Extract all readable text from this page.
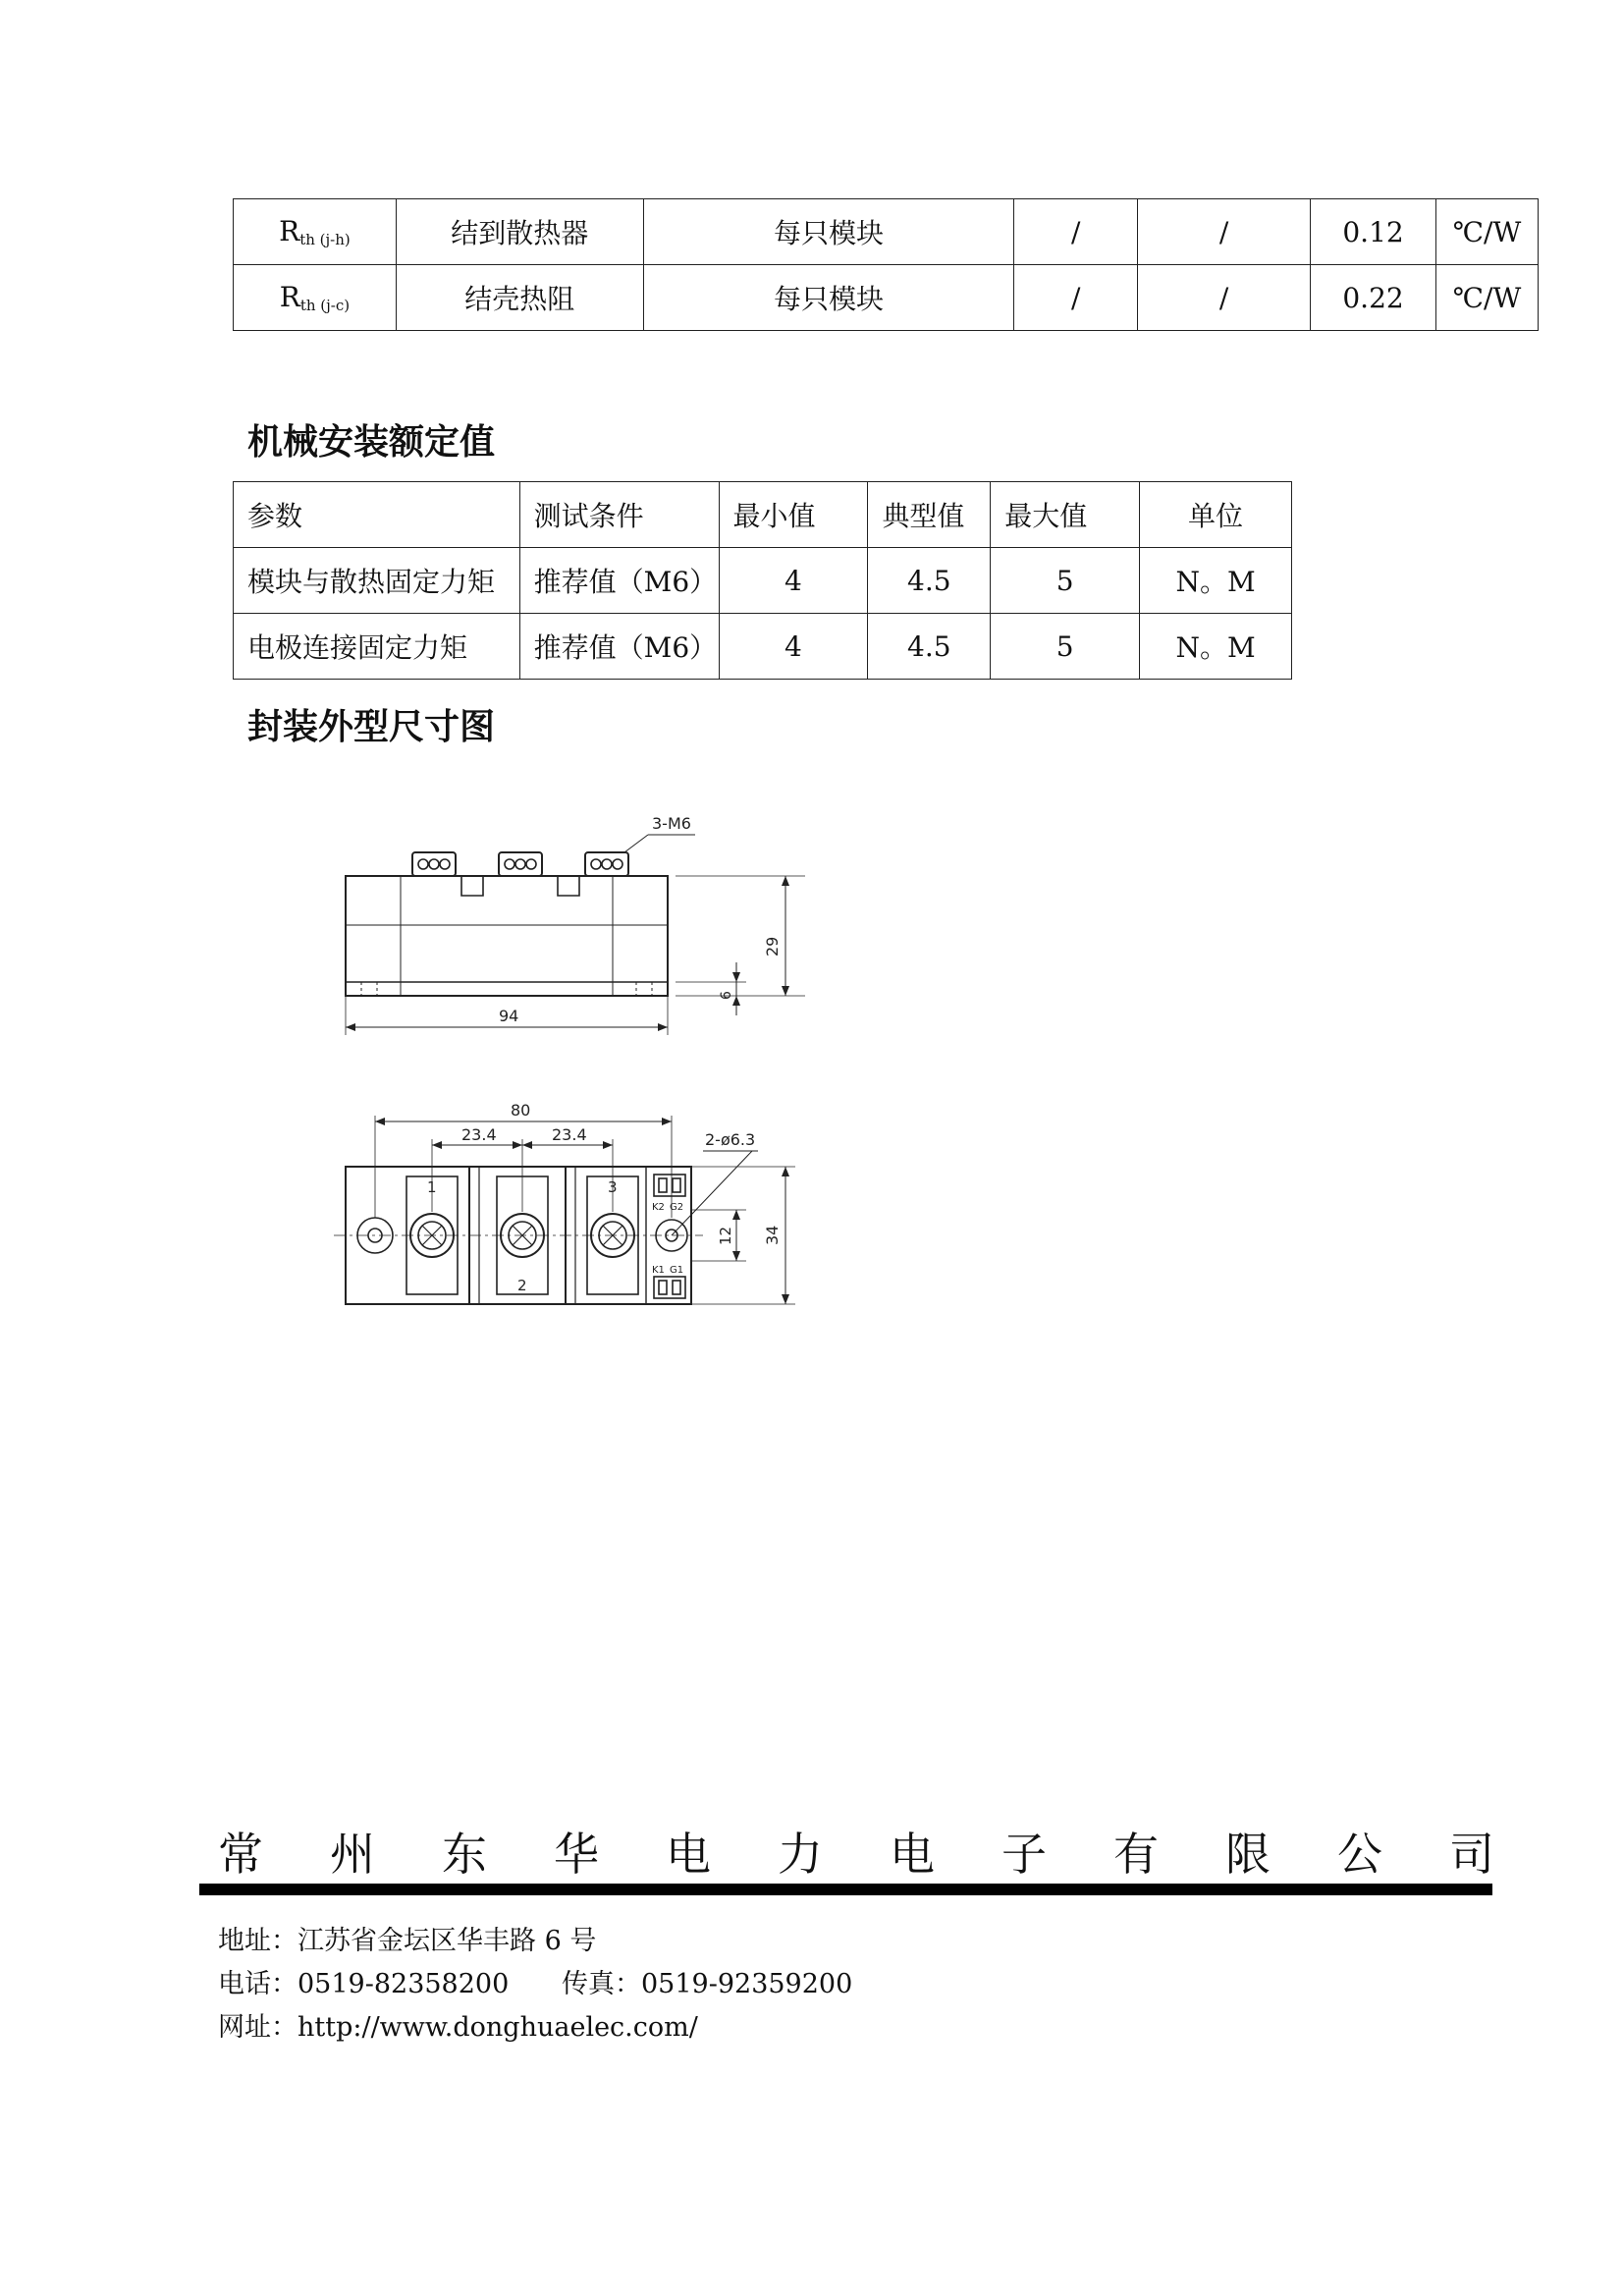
Rth (j-h)	结到散热器	每只模块	/	/	0.12	℃/W
Rth (j-c)	结壳热阻	每只模块	/	/	0.22	℃/W
机械安装额定值
参数	测试条件	最小值	典型值	最大值	单位
模块与散热固定力矩	推荐值（M6）	4	4.5	5	N。M
电极连接固定力矩	推荐值（M6）	4	4.5	5	N。M
封装外型尺寸图
3-M6
29
6
94
K2 G2
K1 G1
1
2
3
80
23.4	23.4	2-ø6.3
12 34
常 州 东 华 电 力 电 子 有 限 公 司
地址：江苏省金坛区华丰路 6 号
电话：0519-82358200 传真：0519-92359200
网址：http://www.donghuaelec.com/
